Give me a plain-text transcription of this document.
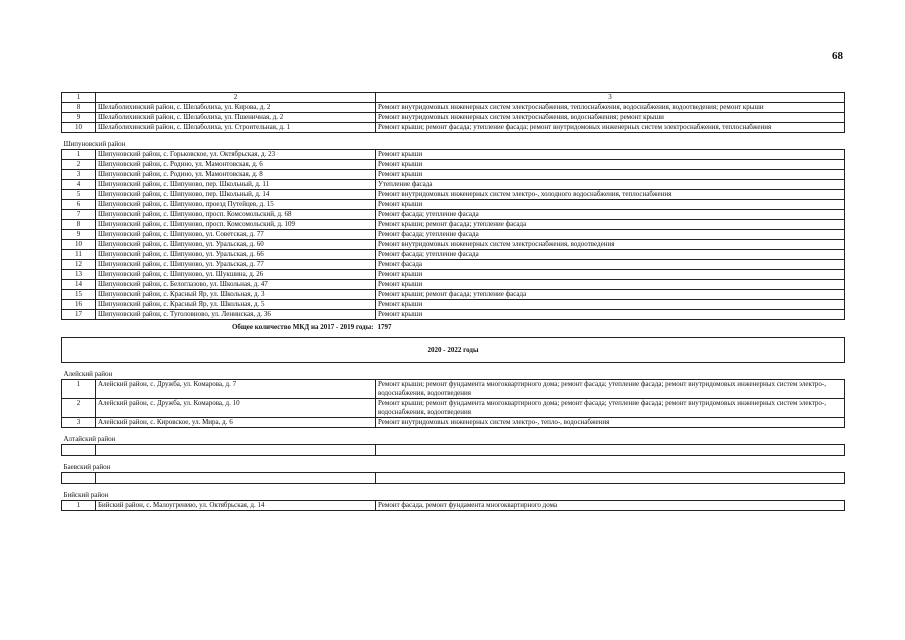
68
1	2	3
8	Шелаболихинский район, с. Шелаболиха, ул. Кирова, д. 2	Ремонт внутридомовых инженерных систем электроснабжения, теплоснабжения, водоснабжения, водоотведения; ремонт крыши
9	Шелаболихинский район, с. Шелаболиха, ул. Пшеничная, д. 2	Ремонт внутридомовых инженерных систем электроснабжения, водоснабжения; ремонт крыши
10	Шелаболихинский район, с. Шелаболиха, ул. Строительная, д. 1	Ремонт крыши; ремонт фасада; утепление фасада; ремонт внутридомовых инженерных систем электроснабжения, теплоснабжения
Шипуновский район		
1	Шипуновский район, с. Горьковское, ул. Октябрьская, д. 23	Ремонт крыши
2	Шипуновский район, с. Родино, ул. Мамонтовская, д. 6	Ремонт крыши
3	Шипуновский район, с. Родино, ул. Мамонтовская, д. 8	Ремонт крыши
4	Шипуновский район, с. Шипуново, пер. Школьный, д. 11	Утепление фасада
5	Шипуновский район, с. Шипуново, пер. Школьный, д. 14	Ремонт внутридомовых инженерных систем электро-, холодного водоснабжения, теплоснабжения
6	Шипуновский район, с. Шипуново, проезд Путейцев, д. 15	Ремонт крыши
7	Шипуновский район, с. Шипуново, просп. Комсомольский, д. 68	Ремонт фасада; утепление фасада
8	Шипуновский район, с. Шипуново, просп. Комсомольский, д. 109	Ремонт крыши; ремонт фасада; утепление фасада
9	Шипуновский район, с. Шипуново, ул. Советская, д. 77	Ремонт фасада; утепление фасада
10	Шипуновский район, с. Шипуново, ул. Уральская, д. 60	Ремонт внутридомовых инженерных систем электроснабжения, водоотведения
11	Шипуновский район, с. Шипуново, ул. Уральская, д. 66	Ремонт фасада; утепление фасада
12	Шипуновский район, с. Шипуново, ул. Уральская, д. 77	Ремонт фасада
13	Шипуновский район, с. Шипуново, ул. Шукшина, д. 26	Ремонт крыши
14	Шипуновский район, с. Белоглазово, ул. Школьная, д. 47	Ремонт крыши
15	Шипуновский район, с. Красный Яр, ул. Школьная, д. 3	Ремонт крыши; ремонт фасада; утепление фасада
16	Шипуновский район, с. Красный Яр, ул. Школьная, д. 5	Ремонт крыши
17	Шипуновский район, с. Туголовново, ул. Ленинская, д. 36	Ремонт крыши
Общее количество МКД на 2017 - 2019 годы:		1797
2020 - 2022 годы		
Алейский район		
1	Алейский район, с. Дружба, ул. Комарова, д. 7	Ремонт крыши; ремонт фундамента многоквартирного дома; ремонт фасада; утепление фасада; ремонт внутридомовых инженерных систем электро-, водоснабжения, водоотведения
2	Алейский район, с. Дружба, ул. Комарова, д. 10	Ремонт крыши; ремонт фундамента многоквартирного дома; ремонт фасада; утепление фасада; ремонт внутридомовых инженерных систем электро-, водоснабжения, водоотведения
3	Алейский район, с. Кировское, ул. Мира, д. 6	Ремонт внутридомовых инженерных систем электро-, тепло-, водоснабжения
Алтайский район		

Баевский район		

Бийский район		
1	Бийский район, с. Малоугренево, ул. Октябрьская, д. 14	Ремонт фасада, ремонт фундамента многоквартирного дома
